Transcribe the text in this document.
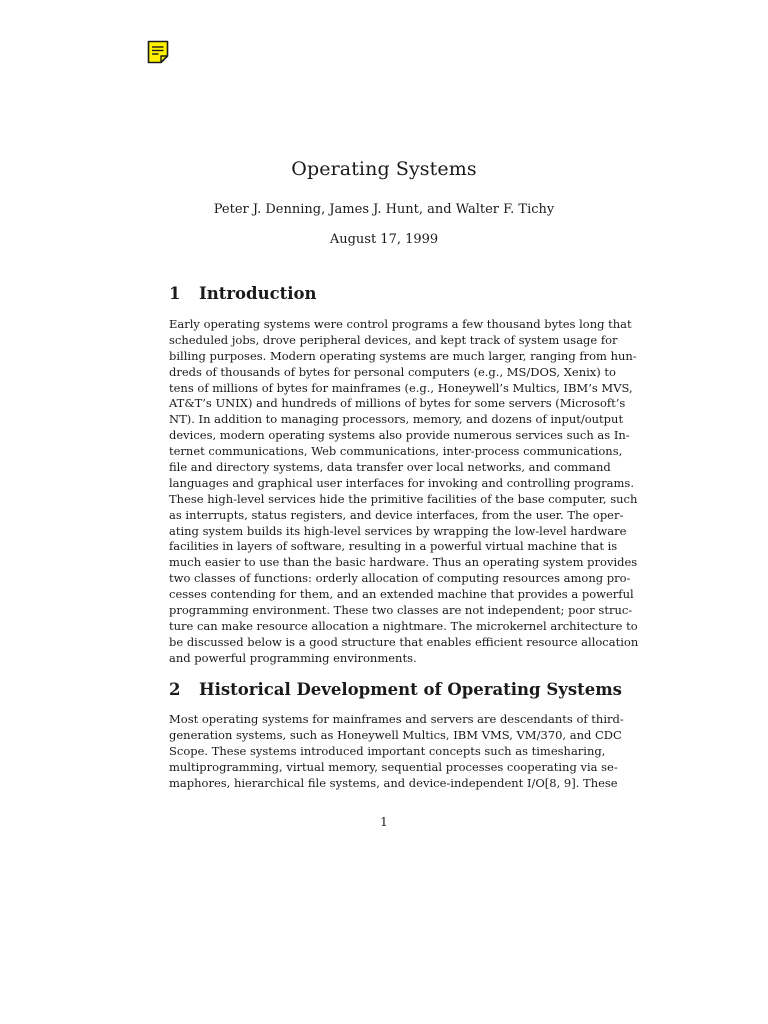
Operating Systems
Peter J. Denning, James J. Hunt, and Walter F. Tichy
August 17, 1999
1 Introduction
Early operating systems were control programs a few thousand bytes long that
scheduled jobs, drove peripheral devices, and kept track of system usage for
billing purposes. Modern operating systems are much larger, ranging from hun-
dreds of thousands of bytes for personal computers (e.g., MS/DOS, Xenix) to
tens of millions of bytes for mainframes (e.g., Honeywell’s Multics, IBM’s MVS,
AT&T’s UNIX) and hundreds of millions of bytes for some servers (Microsoft’s
NT). In addition to managing processors, memory, and dozens of input/output
devices, modern operating systems also provide numerous services such as In-
ternet communications, Web communications, inter-process communications,
file and directory systems, data transfer over local networks, and command
languages and graphical user interfaces for invoking and controlling programs.
These high-level services hide the primitive facilities of the base computer, such
as interrupts, status registers, and device interfaces, from the user. The oper-
ating system builds its high-level services by wrapping the low-level hardware
facilities in layers of software, resulting in a powerful virtual machine that is
much easier to use than the basic hardware. Thus an operating system provides
two classes of functions: orderly allocation of computing resources among pro-
cesses contending for them, and an extended machine that provides a powerful
programming environment. These two classes are not independent; poor struc-
ture can make resource allocation a nightmare. The microkernel architecture to
be discussed below is a good structure that enables efficient resource allocation
and powerful programming environments.
2 Historical Development of Operating Systems
Most operating systems for mainframes and servers are descendants of third-
generation systems, such as Honeywell Multics, IBM VMS, VM/370, and CDC
Scope. These systems introduced important concepts such as timesharing,
multiprogramming, virtual memory, sequential processes cooperating via se-
maphores, hierarchical file systems, and device-independent I/O[8, 9]. These
1
